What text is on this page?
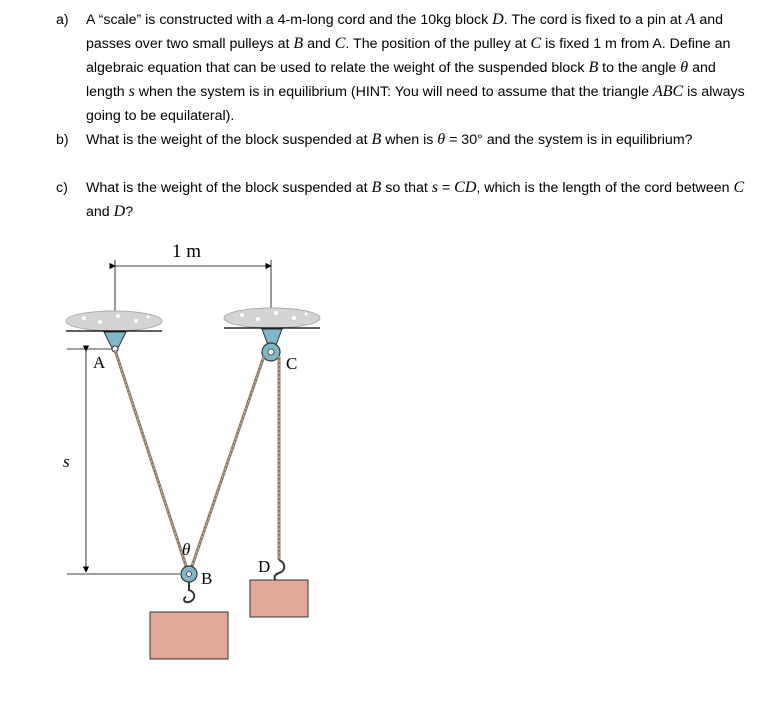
a)	A “scale” is constructed with a 4-m-long cord and the 10kg block D. The cord is fixed to a pin at A and passes over two small pulleys at B and C. The position of the pulley at C is fixed 1 m from A. Define an algebraic equation that can be used to relate the weight of the suspended block B to the angle θ and length s when the system is in equilibrium (HINT: You will need to assume that the triangle ABC is always going to be equilateral).
b)	What is the weight of the block suspended at B when is θ = 30° and the system is in equilibrium?
c)	What is the weight of the block suspended at B so that s = CD, which is the length of the cord between C and D?
1 m
A	C
s
θ
B
D
